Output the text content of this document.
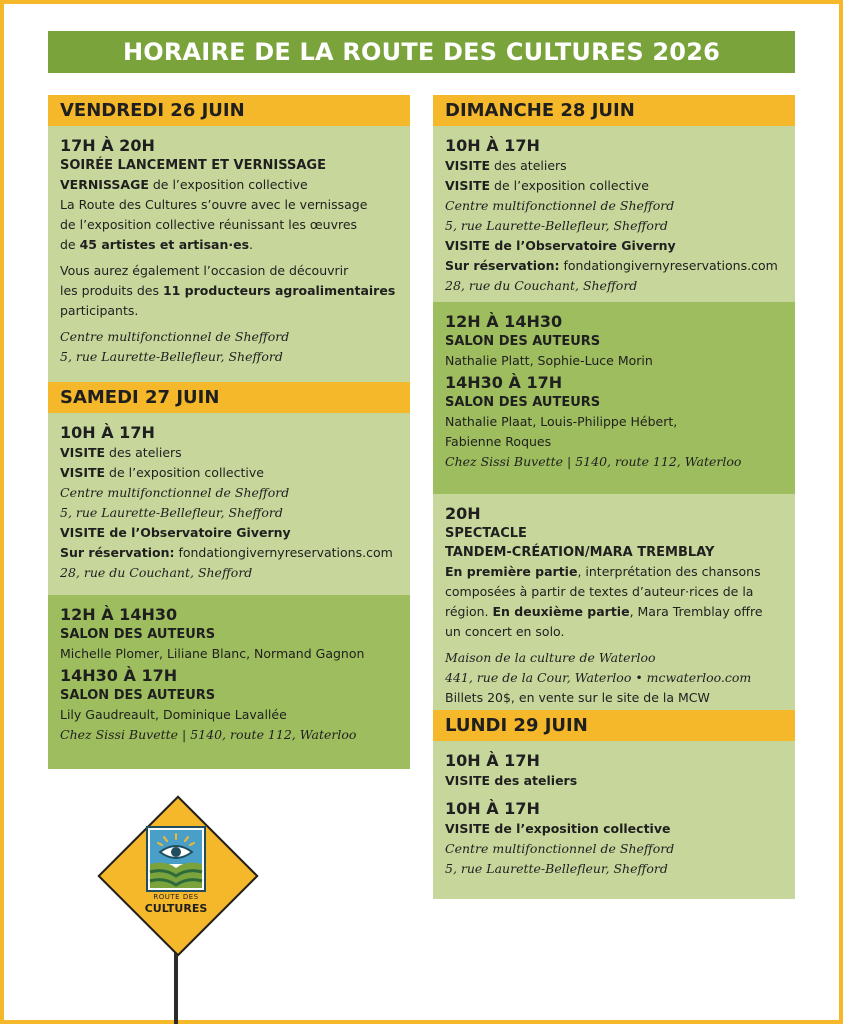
HORAIRE DE LA ROUTE DES CULTURES 2026
VENDREDI 26 JUIN
17H À 20H
SOIRÉE LANCEMENT ET VERNISSAGE
VERNISSAGE de l’exposition collective
La Route des Cultures s’ouvre avec le vernissage
de l’exposition collective réunissant les œuvres
de 45 artistes et artisan·es.
Vous aurez également l’occasion de découvrir
les produits des 11 producteurs agroalimentaires
participants.
Centre multifonctionnel de Shefford
5, rue Laurette-Bellefleur, Shefford
SAMEDI 27 JUIN
10H À 17H
VISITE des ateliers
VISITE de l’exposition collective
Centre multifonctionnel de Shefford
5, rue Laurette-Bellefleur, Shefford
VISITE de l’Observatoire Giverny
Sur réservation: fondationgivernyreservations.com
28, rue du Couchant, Shefford
12H À 14H30
SALON DES AUTEURS
Michelle Plomer, Liliane Blanc, Normand Gagnon
14H30 À 17H
SALON DES AUTEURS
Lily Gaudreault, Dominique Lavallée
Chez Sissi Buvette | 5140, route 112, Waterloo
DIMANCHE 28 JUIN
10H À 17H
VISITE des ateliers
VISITE de l’exposition collective
Centre multifonctionnel de Shefford
5, rue Laurette-Bellefleur, Shefford
VISITE de l’Observatoire Giverny
Sur réservation: fondationgivernyreservations.com
28, rue du Couchant, Shefford
12H À 14H30
SALON DES AUTEURS
Nathalie Platt, Sophie-Luce Morin
14H30 À 17H
SALON DES AUTEURS
Nathalie Plaat, Louis-Philippe Hébert,
Fabienne Roques
Chez Sissi Buvette | 5140, route 112, Waterloo
20H
SPECTACLE
TANDEM-CRÉATION/MARA TREMBLAY
En première partie, interprétation des chansons
composées à partir de textes d’auteur·rices de la
région. En deuxième partie, Mara Tremblay offre
un concert en solo.
Maison de la culture de Waterloo
441, rue de la Cour, Waterloo • mcwaterloo.com
Billets 20$, en vente sur le site de la MCW
LUNDI 29 JUIN
10H À 17H
VISITE des ateliers
10H À 17H
VISITE de l’exposition collective
Centre multifonctionnel de Shefford
5, rue Laurette-Bellefleur, Shefford
ROUTE DES
CULTURES
